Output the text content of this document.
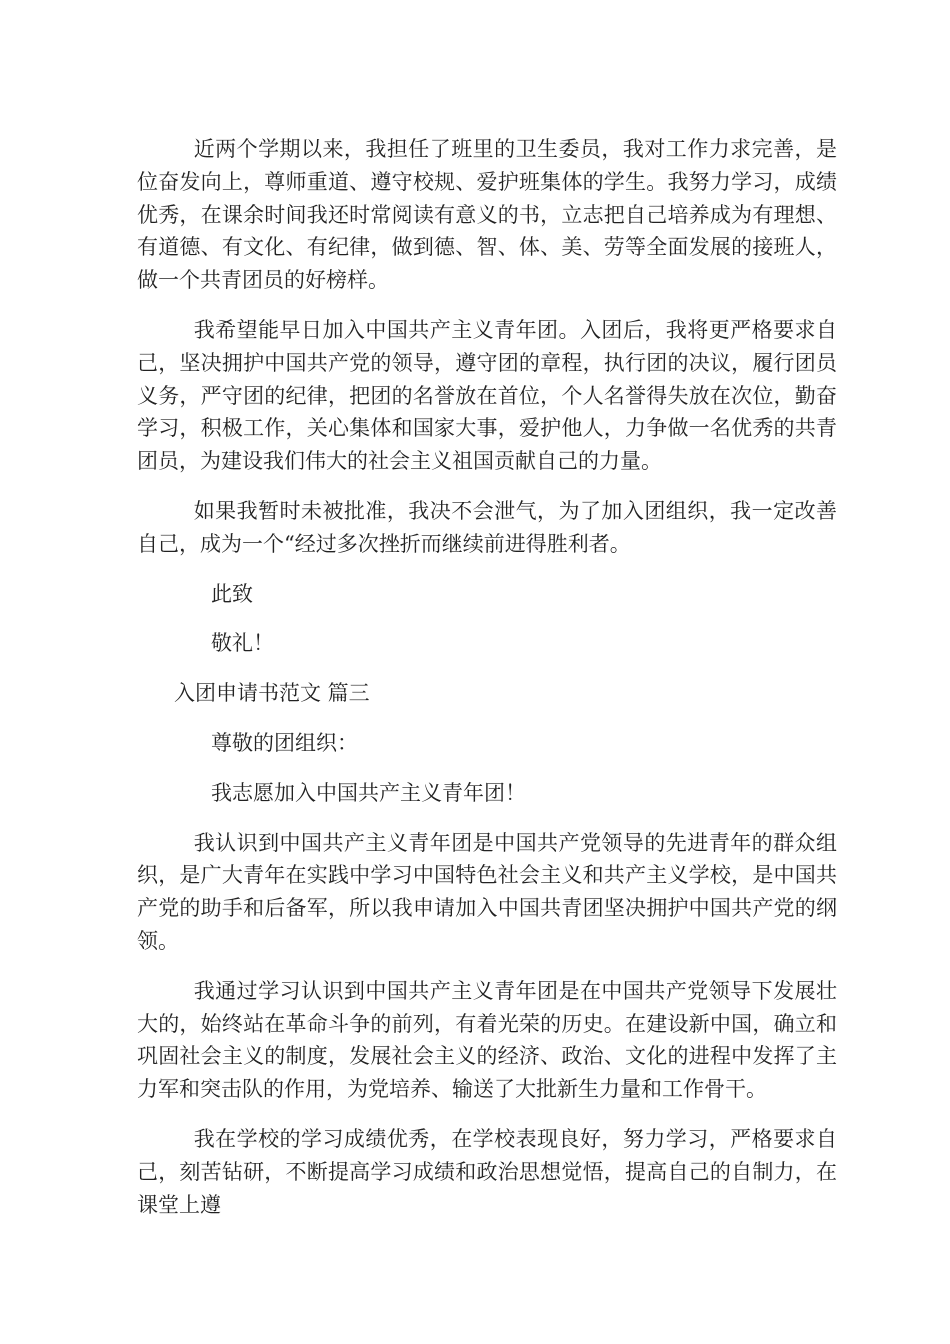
近两个学期以来，我担任了班里的卫生委员，我对工作力求完善，是位奋发向上，尊师重道、遵守校规、爱护班集体的学生。我努力学习，成绩优秀，在课余时间我还时常阅读有意义的书，立志把自己培养成为有理想、有道德、有文化、有纪律，做到德、智、体、美、劳等全面发展的接班人，做一个共青团员的好榜样。

我希望能早日加入中国共产主义青年团。入团后，我将更严格要求自己，坚决拥护中国共产党的领导，遵守团的章程，执行团的决议，履行团员义务，严守团的纪律，把团的名誉放在首位，个人名誉得失放在次位，勤奋学习，积极工作，关心集体和国家大事，爱护他人，力争做一名优秀的共青团员，为建设我们伟大的社会主义祖国贡献自己的力量。

如果我暂时未被批准，我决不会泄气，为了加入团组织，我一定改善自己，成为一个“经过多次挫折而继续前进得胜利者。

此致

敬礼！

入团申请书范文 篇三

尊敬的团组织：

我志愿加入中国共产主义青年团！

我认识到中国共产主义青年团是中国共产党领导的先进青年的群众组织，是广大青年在实践中学习中国特色社会主义和共产主义学校，是中国共产党的助手和后备军，所以我申请加入中国共青团坚决拥护中国共产党的纲领。

我通过学习认识到中国共产主义青年团是在中国共产党领导下发展壮大的，始终站在革命斗争的前列，有着光荣的历史。在建设新中国，确立和巩固社会主义的制度，发展社会主义的经济、政治、文化的进程中发挥了主力军和突击队的作用，为党培养、输送了大批新生力量和工作骨干。

我在学校的学习成绩优秀，在学校表现良好，努力学习，严格要求自己，刻苦钻研，不断提高学习成绩和政治思想觉悟，提高自己的自制力，在课堂上遵
